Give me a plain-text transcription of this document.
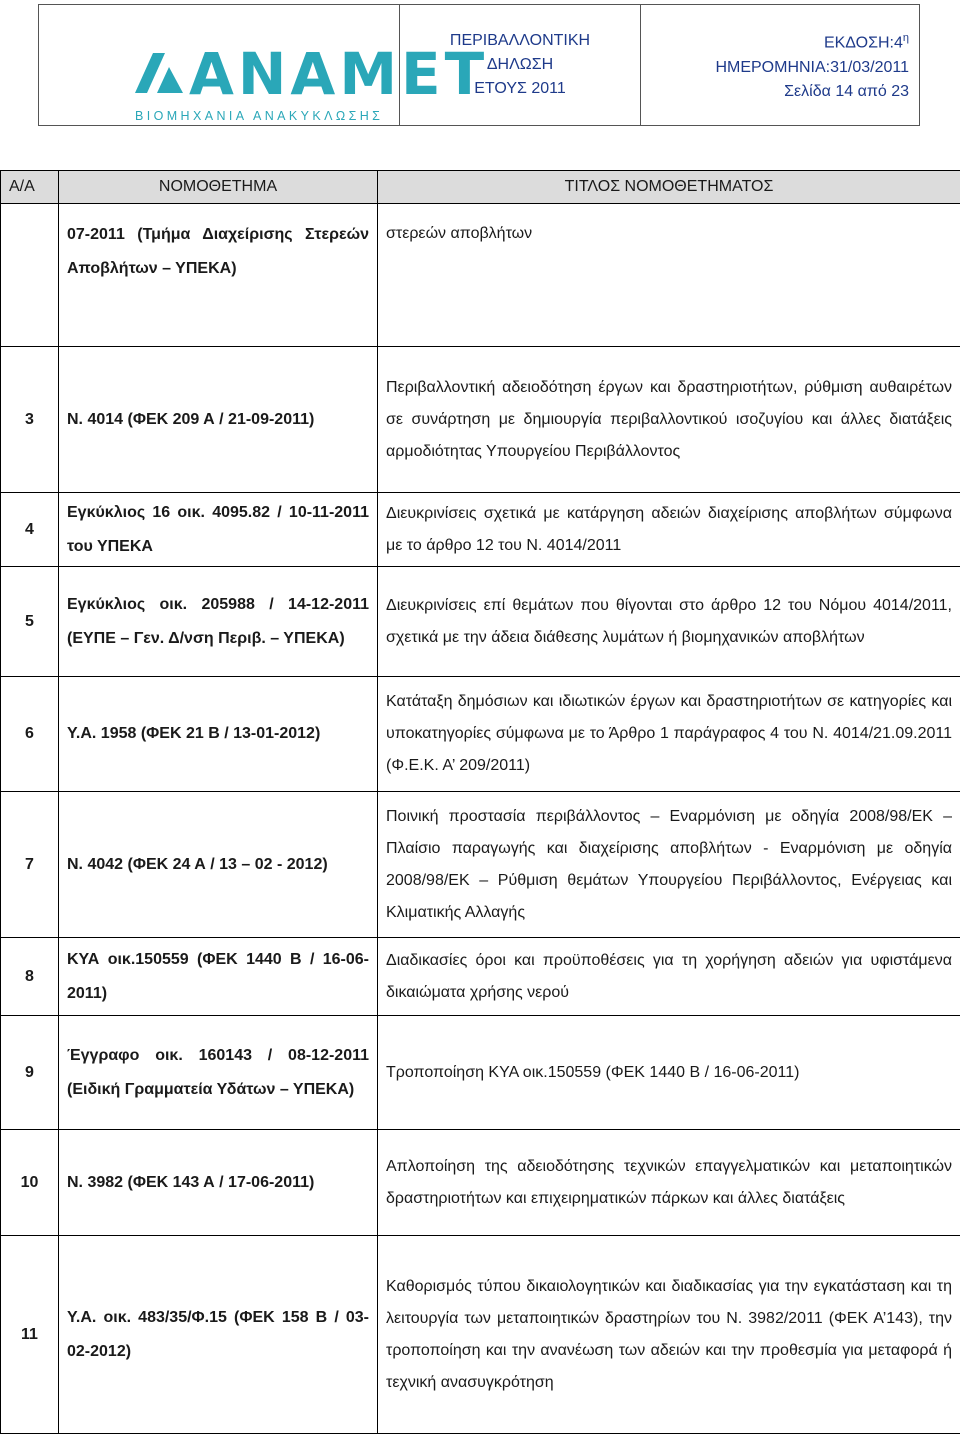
ANAMET
ΒΙΟΜΗΧΑΝΙΑ ΑΝΑΚΥΚΛΩΣΗΣ
ΠΕΡΙΒΑΛΛΟΝΤΙΚΗ
ΔΗΛΩΣΗ
ΕΤΟΥΣ 2011
$EK\Delta O\Sigma H:4^\eta$
ΗΜΕΡΟΜΗΝΙΑ:31/03/2011
Σελίδα 14 από 23
Α/Α	ΝΟΜΟΘΕΤΗΜΑ	ΤΙΤΛΟΣ ΝΟΜΟΘΕΤΗΜΑΤΟΣ
	07-2011 (Τμήμα Διαχείρισης Στερεών Αποβλήτων – ΥΠΕΚΑ)	στερεών αποβλήτων
3	Ν. 4014 (ΦΕΚ 209 Α / 21-09-2011)	Περιβαλλοντική αδειοδότηση έργων και δραστηριοτήτων, ρύθμιση αυθαιρέτων σε συνάρτηση με δημιουργία περιβαλλοντικού ισοζυγίου και άλλες διατάξεις αρμοδιότητας Υπουργείου Περιβάλλοντος
4	Εγκύκλιος 16 οικ. 4095.82 / 10-11-2011 του ΥΠΕΚΑ	Διευκρινίσεις σχετικά με κατάργηση αδειών διαχείρισης αποβλήτων σύμφωνα με το άρθρο 12 του Ν. 4014/2011
5	Εγκύκλιος οικ. 205988 / 14-12-2011 (ΕΥΠΕ – Γεν. Δ/νση Περιβ. – ΥΠΕΚΑ)	Διευκρινίσεις επί θεμάτων που θίγονται στο άρθρο 12 του Νόμου 4014/2011, σχετικά με την άδεια διάθεσης λυμάτων ή βιομηχανικών αποβλήτων
6	Υ.Α. 1958 (ΦΕΚ 21 Β / 13-01-2012)	Κατάταξη δημόσιων και ιδιωτικών έργων και δραστηριοτήτων σε κατηγορίες και υποκατηγορίες σύμφωνα με το Άρθρο 1 παράγραφος 4 του Ν. 4014/21.09.2011 (Φ.Ε.Κ. Α’ 209/2011)
7	Ν. 4042 (ΦΕΚ 24 Α / 13 – 02 - 2012)	Ποινική προστασία περιβάλλοντος – Εναρμόνιση με οδηγία 2008/98/ΕΚ – Πλαίσιο παραγωγής και διαχείρισης αποβλήτων - Εναρμόνιση με οδηγία 2008/98/ΕΚ – Ρύθμιση θεμάτων Υπουργείου Περιβάλλοντος, Ενέργειας και Κλιματικής Αλλαγής
8	ΚΥΑ οικ.150559 (ΦΕΚ 1440 Β / 16-06-2011)	Διαδικασίες όροι και προϋποθέσεις για τη χορήγηση αδειών για υφιστάμενα δικαιώματα χρήσης νερού
9	Έγγραφο οικ. 160143 / 08-12-2011 (Ειδική Γραμματεία Υδάτων – ΥΠΕΚΑ)	Τροποποίηση ΚΥΑ οικ.150559 (ΦΕΚ 1440 Β / 16-06-2011)
10	Ν. 3982 (ΦΕΚ 143 Α / 17-06-2011)	Απλοποίηση της αδειοδότησης τεχνικών επαγγελματικών και μεταποιητικών δραστηριοτήτων και επιχειρηματικών πάρκων και άλλες διατάξεις
11	Υ.Α. οικ. 483/35/Φ.15 (ΦΕΚ 158 Β / 03-02-2012)	Καθορισμός τύπου δικαιολογητικών και διαδικασίας για την εγκατάσταση και τη λειτουργία των μεταποιητικών δραστηρίων του Ν. 3982/2011 (ΦΕΚ Α’143), την τροποποίηση και την ανανέωση των αδειών και την προθεσμία για μεταφορά ή τεχνική ανασυγκρότηση
